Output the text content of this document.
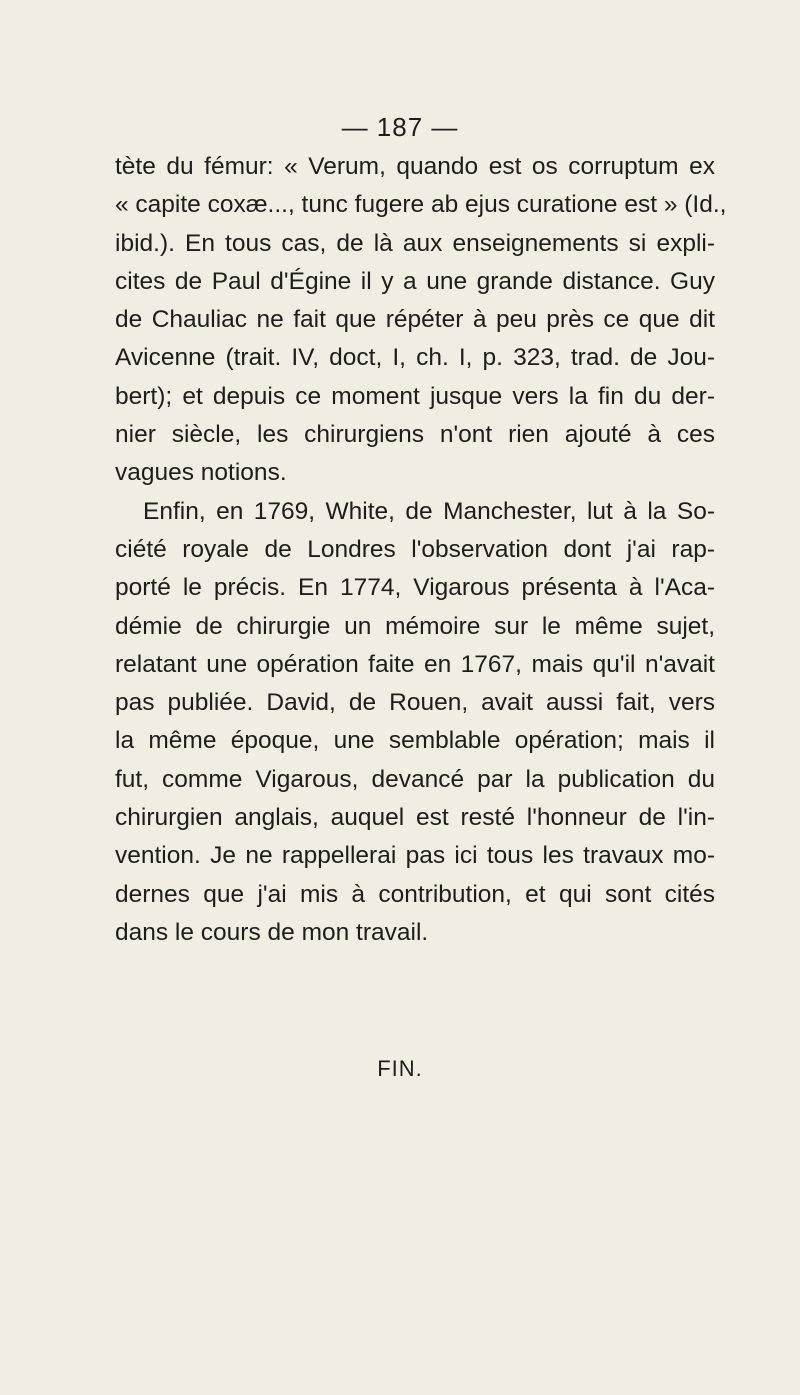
— 187 —
tète du fémur: « Verum, quando est os corruptum ex
« capite coxæ..., tunc fugere ab ejus curatione est » (Id.,
ibid.). En tous cas, de là aux enseignements si expli-
cites de Paul d'Égine il y a une grande distance. Guy
de Chauliac ne fait que répéter à peu près ce que dit
Avicenne (trait. IV, doct, I, ch. I, p. 323, trad. de Jou-
bert); et depuis ce moment jusque vers la fin du der-
nier siècle, les chirurgiens n'ont rien ajouté à ces
vagues notions.
Enfin, en 1769, White, de Manchester, lut à la So-
ciété royale de Londres l'observation dont j'ai rap-
porté le précis. En 1774, Vigarous présenta à l'Aca-
démie de chirurgie un mémoire sur le même sujet,
relatant une opération faite en 1767, mais qu'il n'avait
pas publiée. David, de Rouen, avait aussi fait, vers
la même époque, une semblable opération; mais il
fut, comme Vigarous, devancé par la publication du
chirurgien anglais, auquel est resté l'honneur de l'in-
vention. Je ne rappellerai pas ici tous les travaux mo-
dernes que j'ai mis à contribution, et qui sont cités
dans le cours de mon travail.
FIN.
